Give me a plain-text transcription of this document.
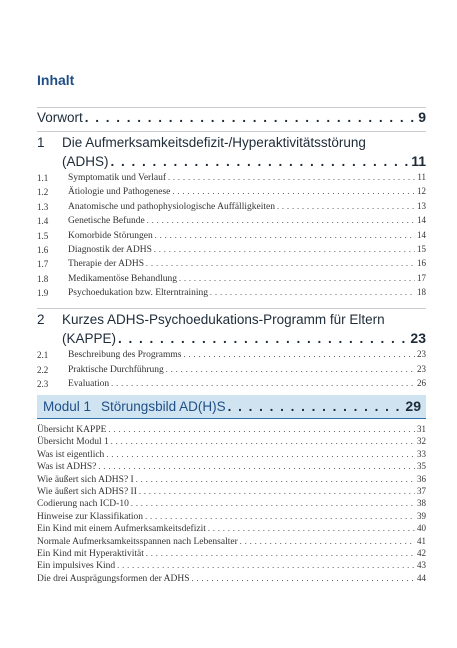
Inhalt
Vorwort . . .	9
1 Die Aufmerksamkeitsdefizit-/Hyperaktivitätsstörung
(ADHS) . . .	11
1.1 Symptomatik und Verlauf . . .	11
1.2 Ätiologie und Pathogenese . . .	12
1.3 Anatomische und pathophysiologische Auffälligkeiten . . .	13
1.4 Genetische Befunde . . .	14
1.5 Komorbide Störungen . . .	14
1.6 Diagnostik der ADHS . . .	15
1.7 Therapie der ADHS . . .	16
1.8 Medikamentöse Behandlung . . .	17
1.9 Psychoedukation bzw. Elterntraining . . .	18
2 Kurzes ADHS-Psychoedukations-Programm für Eltern
(KAPPE) . . .	23
2.1 Beschreibung des Programms . . .	23
2.2 Praktische Durchführung . . .	23
2.3 Evaluation . . .	26
Modul 1 Störungsbild AD(H)S . . .	29
Übersicht KAPPE . . .	31
Übersicht Modul 1 . . .	32
Was ist eigentlich . . .	33
Was ist ADHS? . . .	35
Wie äußert sich ADHS? I . . .	36
Wie äußert sich ADHS? II . . .	37
Codierung nach ICD-10 . . .	38
Hinweise zur Klassifikation . . .	39
Ein Kind mit einem Aufmerksamkeitsdefizit . . .	40
Normale Aufmerksamkeitsspannen nach Lebensalter . . .	41
Ein Kind mit Hyperaktivität . . .	42
Ein impulsives Kind . . .	43
Die drei Ausprägungsformen der ADHS . . .	44
